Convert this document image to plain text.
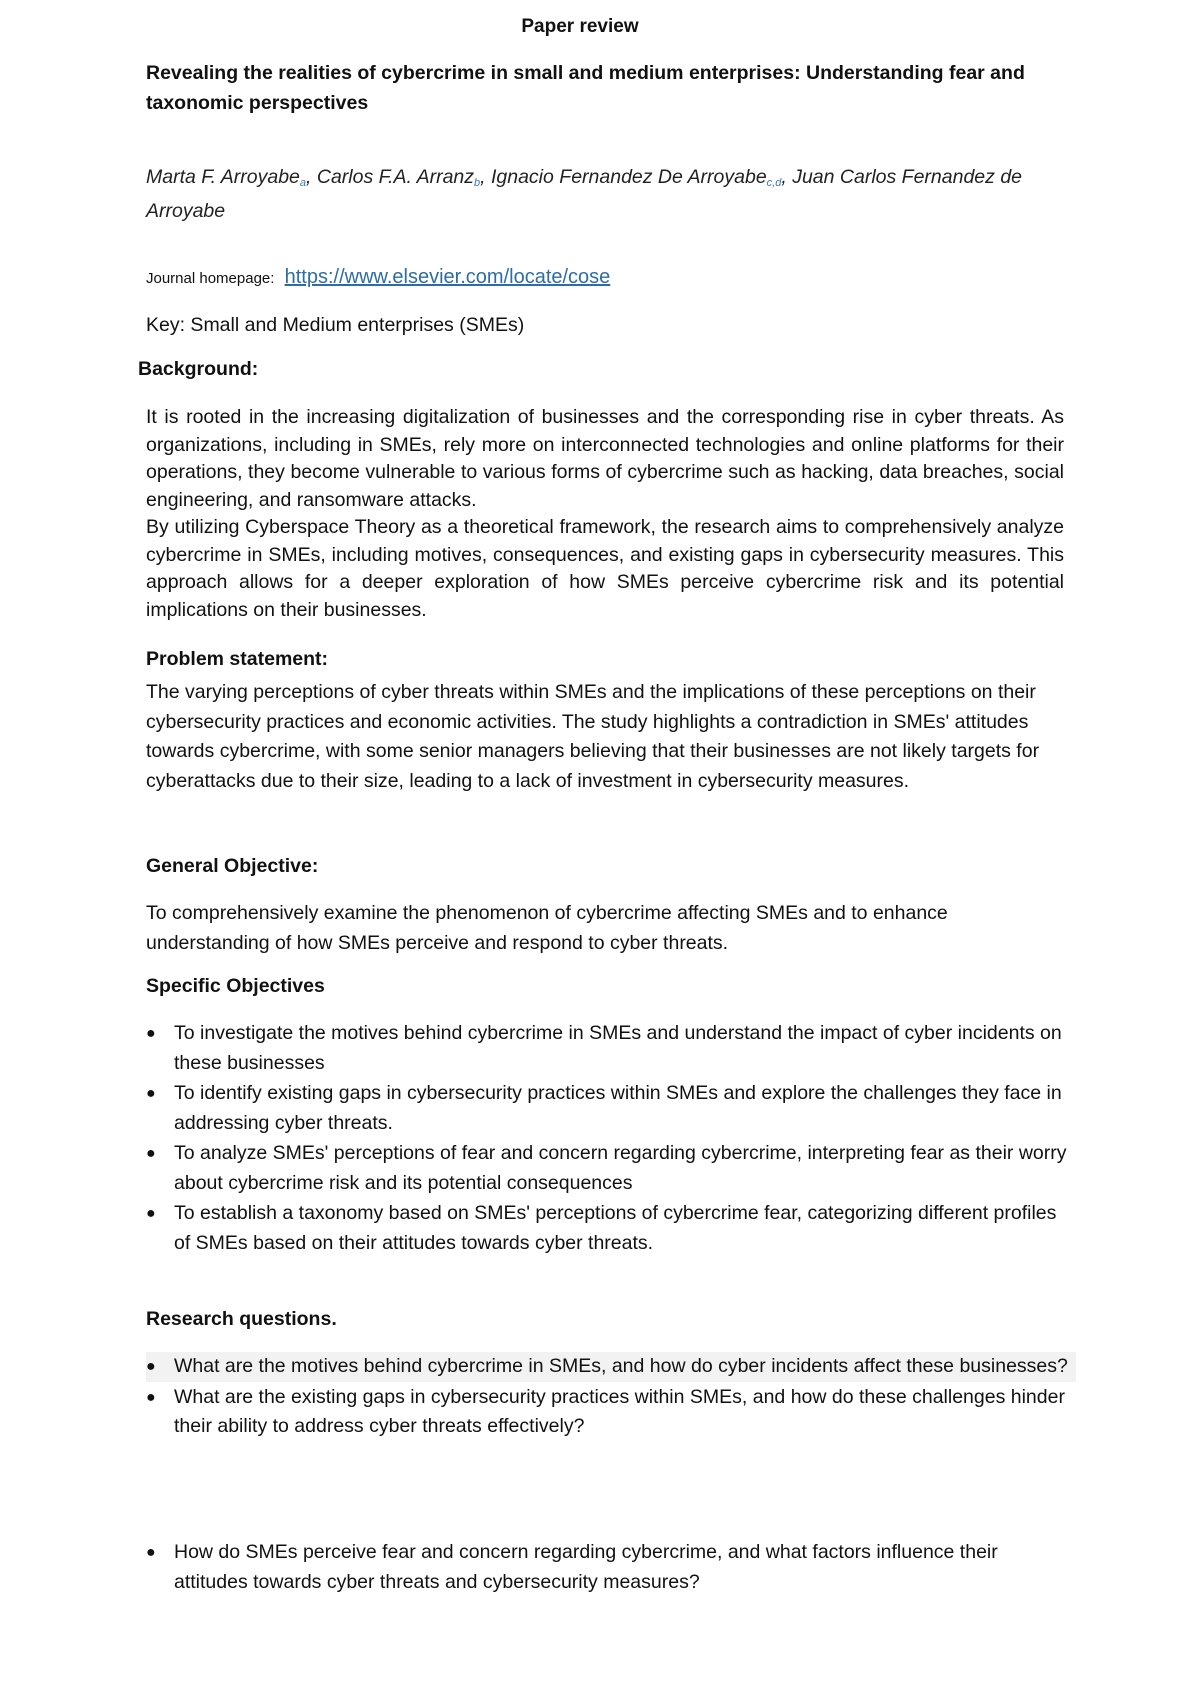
Paper review
Revealing the realities of cybercrime in small and medium enterprises: Understanding fear and taxonomic perspectives
Marta F. Arroyabe$_a$, Carlos F.A. Arranz$_b$, Ignacio Fernandez De Arroyabe$_{c,d}$, Juan Carlos Fernandez de Arroyabe
Journal homepage: https://www.elsevier.com/locate/cose
Key: Small and Medium enterprises (SMEs)
Background:
It is rooted in the increasing digitalization of businesses and the corresponding rise in cyber threats. As organizations, including in SMEs, rely more on interconnected technologies and online platforms for their operations, they become vulnerable to various forms of cybercrime such as hacking, data breaches, social engineering, and ransomware attacks.
By utilizing Cyberspace Theory as a theoretical framework, the research aims to comprehensively analyze cybercrime in SMEs, including motives, consequences, and existing gaps in cybersecurity measures. This approach allows for a deeper exploration of how SMEs perceive cybercrime risk and its potential implications on their businesses.
Problem statement:
The varying perceptions of cyber threats within SMEs and the implications of these perceptions on their cybersecurity practices and economic activities. The study highlights a contradiction in SMEs' attitudes towards cybercrime, with some senior managers believing that their businesses are not likely targets for cyberattacks due to their size, leading to a lack of investment in cybersecurity measures.
General Objective:
To comprehensively examine the phenomenon of cybercrime affecting SMEs and to enhance understanding of how SMEs perceive and respond to cyber threats.
Specific Objectives
● To investigate the motives behind cybercrime in SMEs and understand the impact of cyber incidents on these businesses
● To identify existing gaps in cybersecurity practices within SMEs and explore the challenges they face in addressing cyber threats.
● To analyze SMEs' perceptions of fear and concern regarding cybercrime, interpreting fear as their worry about cybercrime risk and its potential consequences
● To establish a taxonomy based on SMEs' perceptions of cybercrime fear, categorizing different profiles of SMEs based on their attitudes towards cyber threats.
Research questions.
● What are the motives behind cybercrime in SMEs, and how do cyber incidents affect these businesses?
● What are the existing gaps in cybersecurity practices within SMEs, and how do these challenges hinder their ability to address cyber threats effectively?
● How do SMEs perceive fear and concern regarding cybercrime, and what factors influence their attitudes towards cyber threats and cybersecurity measures?
